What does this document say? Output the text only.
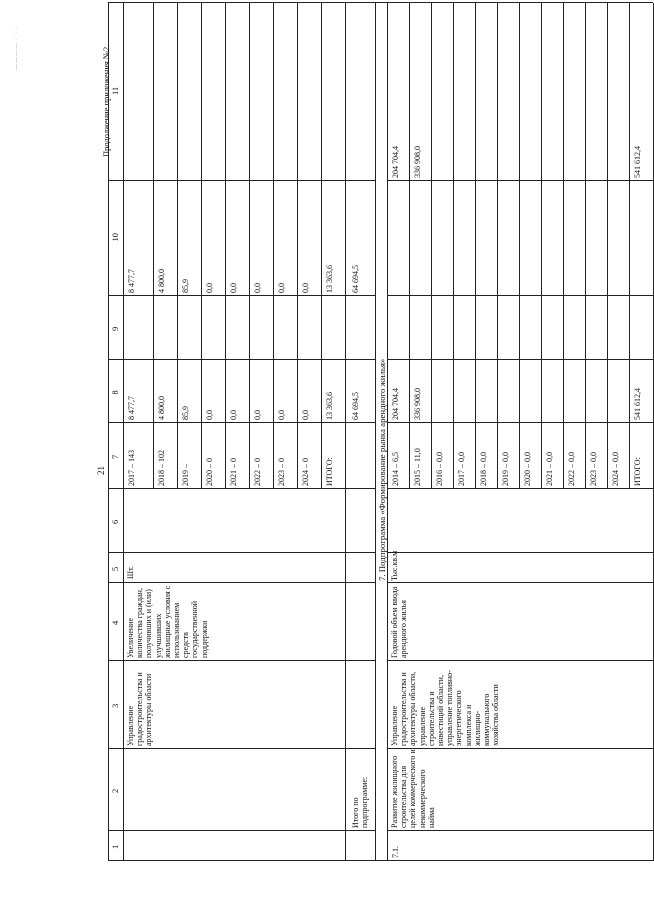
———— · · ·
21
Продолжение приложения №2
1
2
3
4
5
6
7
8
9
10
11
Управление градостроительства и архитектуры области
Увеличение количества граждан, получивших и (или) улучшивших жилищные условия с использованием средств государственной поддержки
Шт.
2017 – 143
8 477,7
8 477,7
2018 – 102
4 800,0
4 800,0
2019 –
85,9
85,9
2020 – 0
0,0
0,0
2021 – 0
0,0
0,0
2022 – 0
0,0
0,0
2023 – 0
0,0
0,0
2024 – 0
0,0
0,0
ИТОГО:
13 363,6
13 363,6
Итого по подпрограмме:
64 694,5
64 694,5
7. Подпрограмма «Формирование рынка арендного жилья»
7.1.
Развитие жилищного строительства для целей коммерческого и некоммерческого найма
Управление градостроительства и архитектуры области, управление строительства и инвестиций области, управление топливно- энергетического комплекса и жилищно- коммунального хозяйства области
Годовой объем ввода арендного жилья
Тыс.кв.м
2014 – 6,5
204 704,4
204 704,4
2015 – 11,0
336 908,0
336 908,0
2016 – 0,0 2017 – 0,0 2018 – 0,0 2019 – 0,0 2020 – 0,0 2021 – 0,0 2022 – 0,0 2023 – 0,0 2024 – 0,0 ИТОГО:
541 612,4
541 612,4
